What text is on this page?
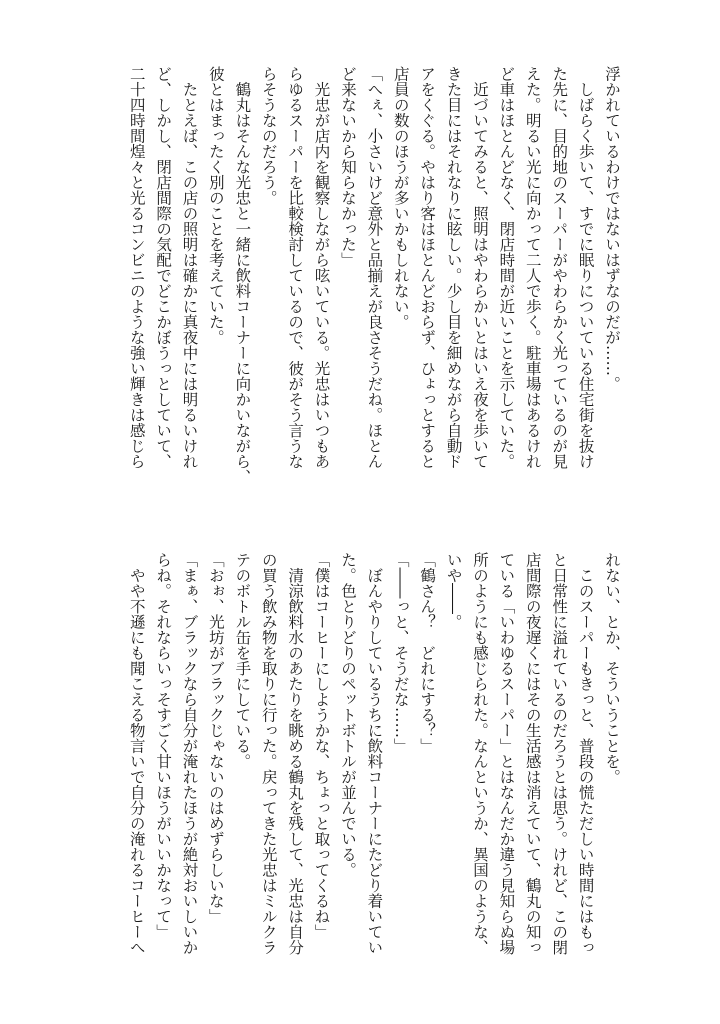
浮かれているわけではないはずなのだが……。
　しばらく歩いて、すでに眠りについている住宅街を抜け
た先に、目的地のスーパーがやわらかく光っているのが見
えた。明るい光に向かって二人で歩く。駐車場はあるけれ
ど車はほとんどなく、閉店時間が近いことを示していた。
　近づいてみると、照明はやわらかいとはいえ夜を歩いて
きた目にはそれなりに眩しい。少し目を細めながら自動ド
アをくぐる。やはり客はほとんどおらず、ひょっとすると
店員の数のほうが多いかもしれない。
「へぇ、小さいけど意外と品揃えが良さそうだね。ほとん
ど来ないから知らなかった」
　光忠が店内を観察しながら呟いている。光忠はいつもあ
らゆるスーパーを比較検討しているので、彼がそう言うな
らそうなのだろう。
　鶴丸はそんな光忠と一緒に飲料コーナーに向かいながら、
彼とはまったく別のことを考えていた。
　たとえば、この店の照明は確かに真夜中には明るいけれ
ど、しかし、閉店間際の気配でどこかぼうっとしていて、
二十四時間煌々と光るコンビニのような強い輝きは感じら
れない、とか、そういうことを。
　このスーパーもきっと、普段の慌ただしい時間にはもっ
と日常性に溢れているのだろうとは思う。けれど、この閉
店間際の夜遅くにはその生活感は消えていて、鶴丸の知っ
ている「いわゆるスーパー」とはなんだか違う見知らぬ場
所のようにも感じられた。なんというか、異国のような、
いや――。
「鶴さん？　どれにする？」
「――っと、そうだな……」
　ぼんやりしているうちに飲料コーナーにたどり着いてい
た。色とりどりのペットボトルが並んでいる。
「僕はコーヒーにしようかな、ちょっと取ってくるね」
　清涼飲料水のあたりを眺める鶴丸を残して、光忠は自分
の買う飲み物を取りに行った。戻ってきた光忠はミルクラ
テのボトル缶を手にしている。
「おぉ、光坊がブラックじゃないのはめずらしいな」
「まぁ、ブラックなら自分が淹れたほうが絶対おいしいか
らね。それならいっそすごく甘いほうがいいかなって」
　やや不遜にも聞こえる物言いで自分の淹れるコーヒーへ
